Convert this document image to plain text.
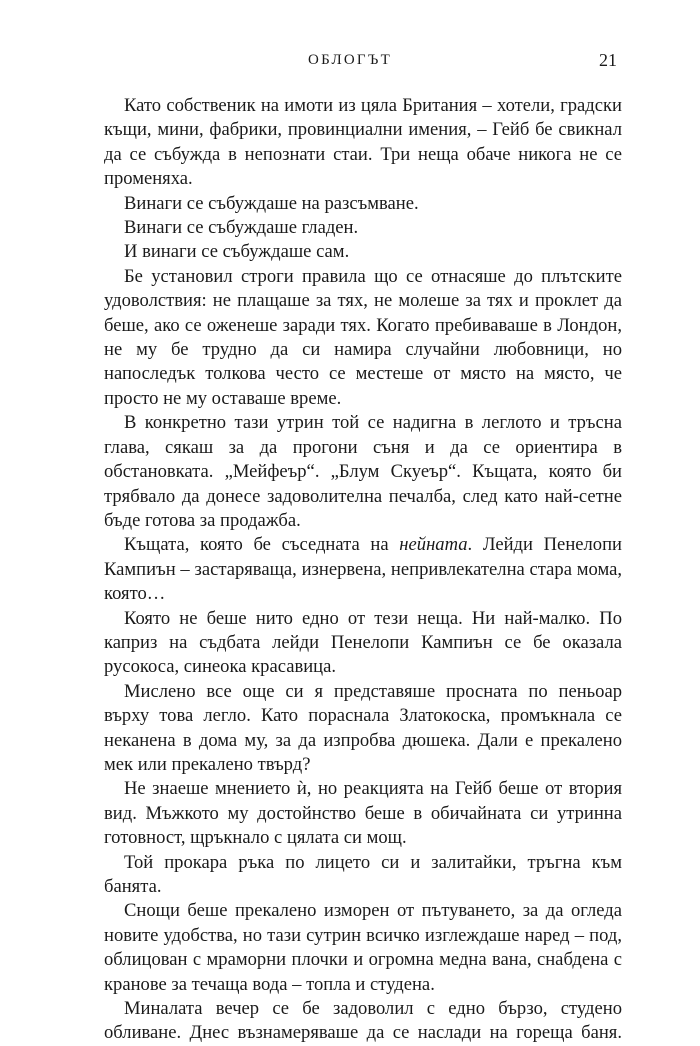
ОБЛОГЪТ	21

Като собственик на имоти из цяла Британия – хотели, градски къщи, мини, фабрики, провинциални имения, – Гейб бе свикнал да се събужда в непознати стаи. Три неща обаче никога не се променяха.

Винаги се събуждаше на разсъмване.

Винаги се събуждаше гладен.

И винаги се събуждаше сам.

Бе установил строги правила що се отнасяше до плътските удоволствия: не плащаше за тях, не молеше за тях и проклет да беше, ако се оженеше заради тях. Когато пребиваваше в Лондон, не му бе трудно да си намира случайни любовници, но напоследък толкова често се местеше от място на място, че просто не му оставаше време.

В конкретно тази утрин той се надигна в леглото и тръсна глава, сякаш за да прогони съня и да се ориентира в обстановката. „Мейфеър“. „Блум Скуеър“. Къщата, която би трябвало да донесе задоволителна печалба, след като най-сетне бъде готова за продажба.

Къщата, която бе съседната на нейната. Лейди Пенелопи Кампиън – застаряваща, изнервена, непривлекателна стара мома, която…

Която не беше нито едно от тези неща. Ни най-малко. По каприз на съдбата лейди Пенелопи Кампиън се бе оказала русокоса, синеока красавица.

Мислено все още си я представяше просната по пеньоар върху това легло. Като пораснала Златокоска, промъкнала се неканена в дома му, за да изпробва дюшека. Дали е прекалено мек или прекалено твърд?

Не знаеше мнението ѝ, но реакцията на Гейб беше от втория вид. Мъжкото му достойнство беше в обичайната си утринна готовност, щръкнало с цялата си мощ.

Той прокара ръка по лицето си и залитайки, тръгна към банята.

Снощи беше прекалено изморен от пътуването, за да огледа новите удобства, но тази сутрин всичко изглеждаше наред – под, облицован с мраморни плочки и огромна медна вана, снабдена с кранове за течаща вода – топла и студена.

Миналата вечер се бе задоволил с едно бързо, студено обливане. Днес възнамеряваше да се наслади на гореща баня.
